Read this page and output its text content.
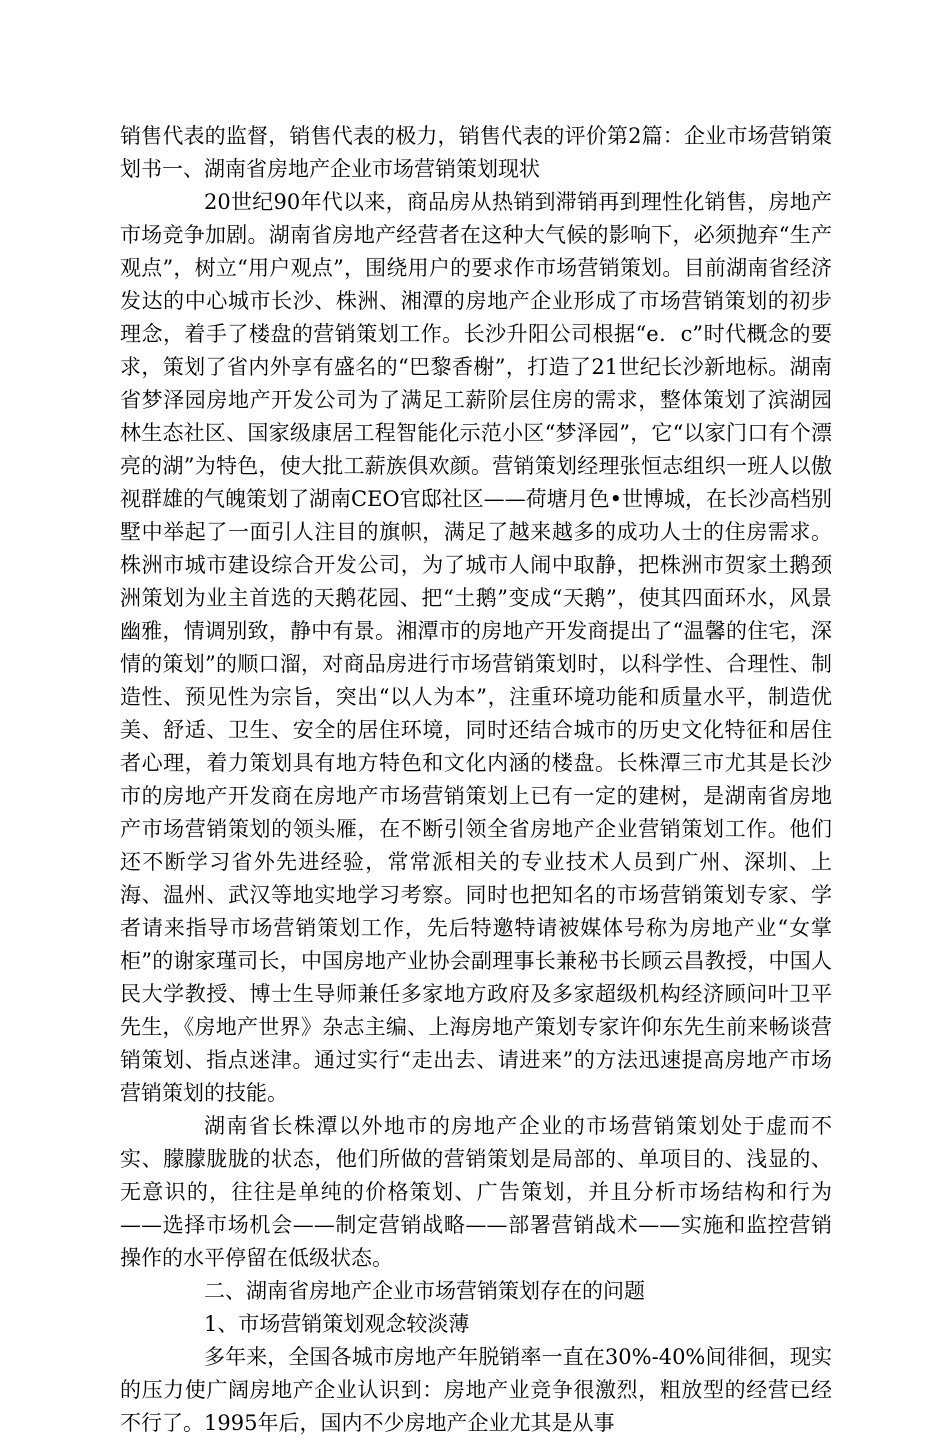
销售代表的监督，销售代表的极力，销售代表的评价第2篇：企业市场营销策划书一、湖南省房地产企业市场营销策划现状

20世纪90年代以来，商品房从热销到滞销再到理性化销售，房地产市场竞争加剧。湖南省房地产经营者在这种大气候的影响下，必须抛弃“生产观点”，树立“用户观点”，围绕用户的要求作市场营销策划。目前湖南省经济发达的中心城市长沙、株洲、湘潭的房地产企业形成了市场营销策划的初步理念，着手了楼盘的营销策划工作。长沙升阳公司根据“e．c”时代概念的要求，策划了省内外享有盛名的“巴黎香榭”，打造了21世纪长沙新地标。湖南省梦泽园房地产开发公司为了满足工薪阶层住房的需求，整体策划了滨湖园林生态社区、国家级康居工程智能化示范小区“梦泽园”，它“以家门口有个漂亮的湖”为特色，使大批工薪族俱欢颜。营销策划经理张恒志组织一班人以傲视群雄的气魄策划了湖南CEO官邸社区——荷塘月色•世博城，在长沙高档别墅中举起了一面引人注目的旗帜，满足了越来越多的成功人士的住房需求。株洲市城市建设综合开发公司，为了城市人闹中取静，把株洲市贺家土鹅颈洲策划为业主首选的天鹅花园、把“土鹅”变成“天鹅”，使其四面环水，风景幽雅，情调别致，静中有景。湘潭市的房地产开发商提出了“温馨的住宅，深情的策划”的顺口溜，对商品房进行市场营销策划时，以科学性、合理性、制造性、预见性为宗旨，突出“以人为本”，注重环境功能和质量水平，制造优美、舒适、卫生、安全的居住环境，同时还结合城市的历史文化特征和居住者心理，着力策划具有地方特色和文化内涵的楼盘。长株潭三市尤其是长沙市的房地产开发商在房地产市场营销策划上已有一定的建树，是湖南省房地产市场营销策划的领头雁，在不断引领全省房地产企业营销策划工作。他们还不断学习省外先进经验，常常派相关的专业技术人员到广州、深圳、上海、温州、武汉等地实地学习考察。同时也把知名的市场营销策划专家、学者请来指导市场营销策划工作，先后特邀特请被媒体号称为房地产业“女掌柜”的谢家瑾司长，中国房地产业协会副理事长兼秘书长顾云昌教授，中国人民大学教授、博士生导师兼任多家地方政府及多家超级机构经济顾问叶卫平先生，《房地产世界》杂志主编、上海房地产策划专家许仰东先生前来畅谈营销策划、指点迷津。通过实行“走出去、请进来”的方法迅速提高房地产市场营销策划的技能。

湖南省长株潭以外地市的房地产企业的市场营销策划处于虚而不实、朦朦胧胧的状态，他们所做的营销策划是局部的、单项目的、浅显的、无意识的，往往是单纯的价格策划、广告策划，并且分析市场结构和行为——选择市场机会——制定营销战略——部署营销战术——实施和监控营销操作的水平停留在低级状态。

二、湖南省房地产企业市场营销策划存在的问题

1、市场营销策划观念较淡薄

多年来，全国各城市房地产年脱销率一直在30%-40%间徘徊，现实的压力使广阔房地产企业认识到：房地产业竞争很激烈，粗放型的经营已经不行了。1995年后，国内不少房地产企业尤其是从事
